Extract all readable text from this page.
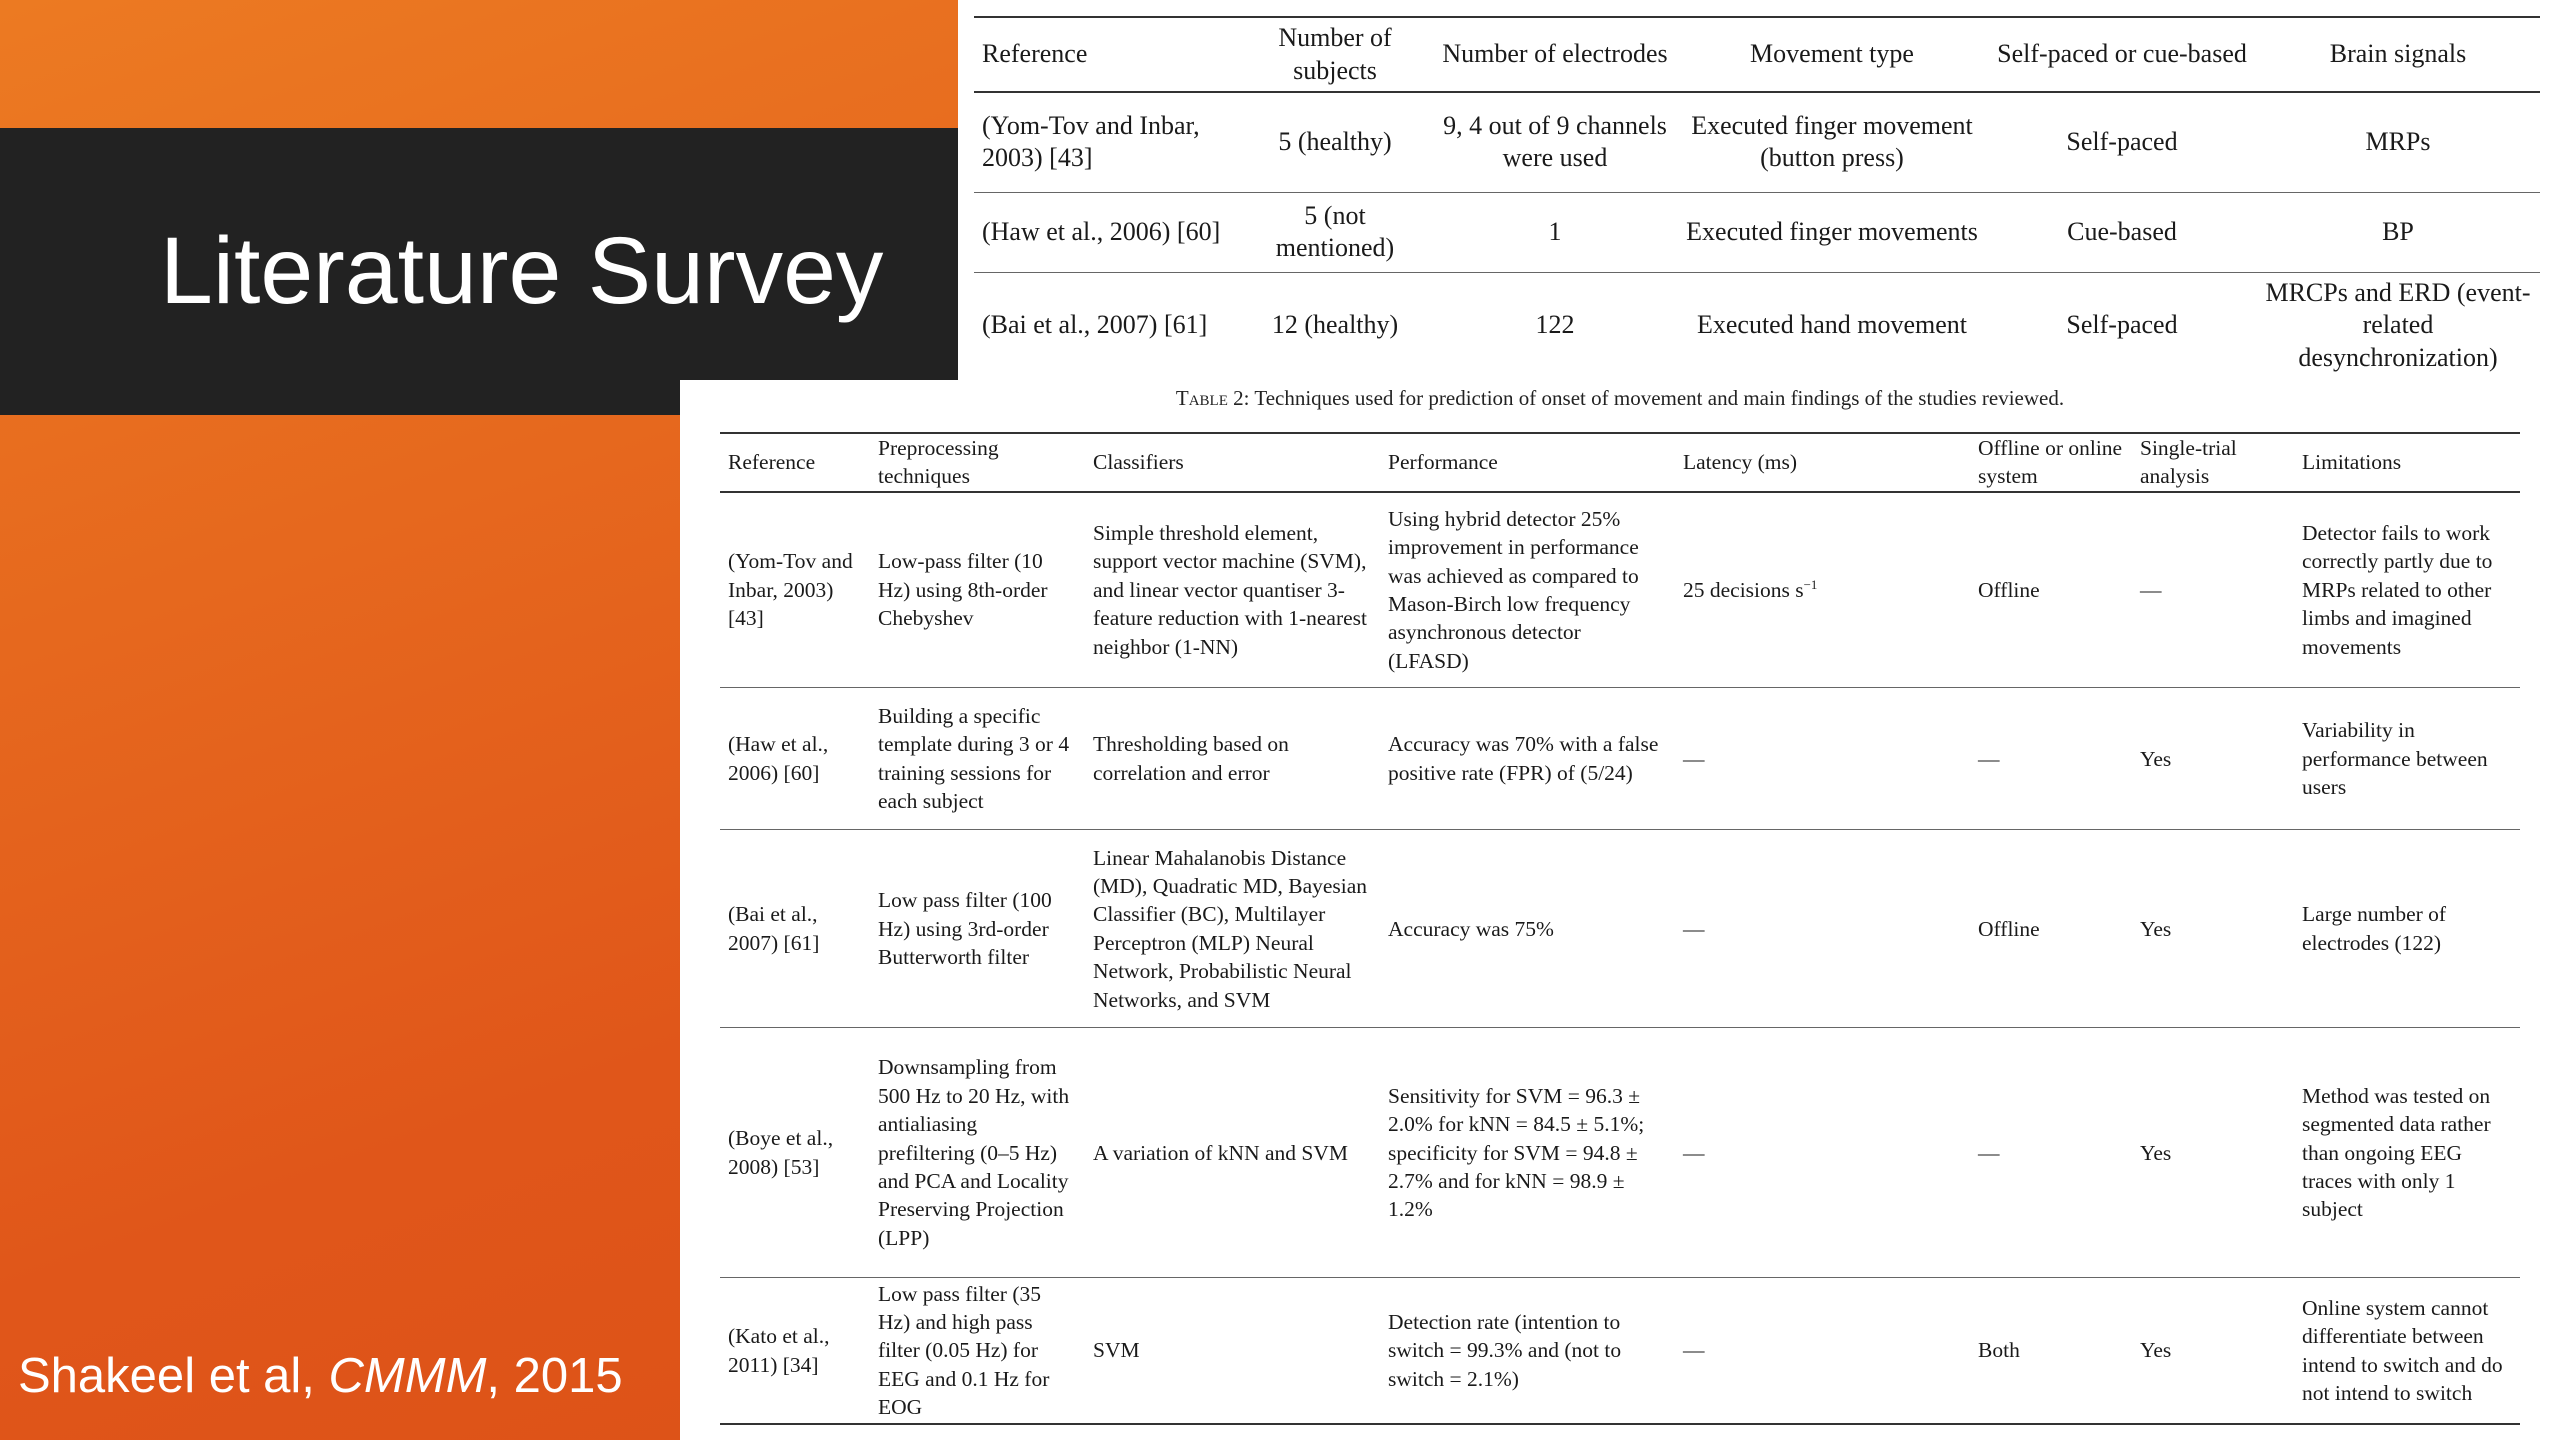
Literature Survey
Shakeel et al, CMMM, 2015
Reference	Number of subjects	Number of electrodes	Movement type	Self-paced or cue-based	Brain signals
(Yom-Tov and Inbar, 2003) [43]	5 (healthy)	9, 4 out of 9 channels were used	Executed finger movement (button press)	Self-paced	MRPs
(Haw et al., 2006) [60]	5 (not mentioned)	1	Executed finger movements	Cue-based	BP
(Bai et al., 2007) [61]	12 (healthy)	122	Executed hand movement	Self-paced	MRCPs and ERD (event-related desynchronization)
Table 2: Techniques used for prediction of onset of movement and main findings of the studies reviewed.
Reference	Preprocessing techniques	Classifiers	Performance	Latency (ms)	Offline or online system	Single-trial analysis	Limitations
(Yom-Tov and Inbar, 2003) [43]	Low-pass filter (10 Hz) using 8th-order Chebyshev	Simple threshold element, support vector machine (SVM), and linear vector quantiser 3-feature reduction with 1-nearest neighbor (1-NN)	Using hybrid detector 25% improvement in performance was achieved as compared to Mason-Birch low frequency asynchronous detector (LFASD)	25 decisions $s^{-1}$	Offline	—	Detector fails to work correctly partly due to MRPs related to other limbs and imagined movements
(Haw et al., 2006) [60]	Building a specific template during 3 or 4 training sessions for each subject	Thresholding based on correlation and error	Accuracy was 70% with a false positive rate (FPR) of (5/24)	—	—	Yes	Variability in performance between users
(Bai et al., 2007) [61]	Low pass filter (100 Hz) using 3rd-order Butterworth filter	Linear Mahalanobis Distance (MD), Quadratic MD, Bayesian Classifier (BC), Multilayer Perceptron (MLP) Neural Network, Probabilistic Neural Networks, and SVM	Accuracy was 75%	—	Offline	Yes	Large number of electrodes (122)
(Boye et al., 2008) [53]	Downsampling from 500 Hz to 20 Hz, with antialiasing prefiltering (0–5 Hz) and PCA and Locality Preserving Projection (LPP)	A variation of kNN and SVM	Sensitivity for SVM = 96.3 ± 2.0% for kNN = 84.5 ± 5.1%; specificity for SVM = 94.8 ± 2.7% and for kNN = 98.9 ± 1.2%	—	—	Yes	Method was tested on segmented data rather than ongoing EEG traces with only 1 subject
(Kato et al., 2011) [34]	Low pass filter (35 Hz) and high pass filter (0.05 Hz) for EEG and 0.1 Hz for EOG	SVM	Detection rate (intention to switch = 99.3% and (not to switch = 2.1%)	—	Both	Yes	Online system cannot differentiate between intend to switch and do not intend to switch
